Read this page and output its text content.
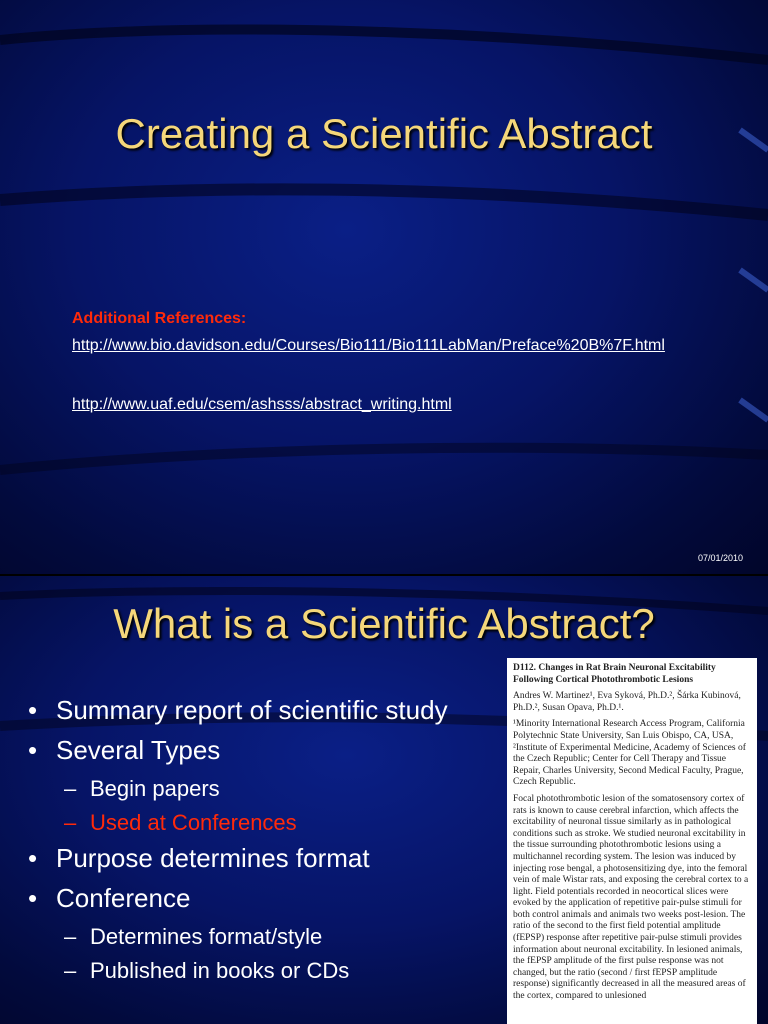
Creating a Scientific Abstract
Additional References:
http://www.bio.davidson.edu/Courses/Bio111/Bio111LabMan/Preface%20B%7F.html
http://www.uaf.edu/csem/ashsss/abstract_writing.html
07/01/2010
What is a Scientific Abstract?
• Summary report of scientific study
• Several Types
– Begin papers
– Used at Conferences
• Purpose determines format
• Conference
– Determines format/style
– Published in books or CDs
D112. Changes in Rat Brain Neuronal Excitability Following Cortical Photothrombotic Lesions
Andres W. Martinez¹, Eva Syková, Ph.D.², Šárka Kubinová, Ph.D.², Susan Opava, Ph.D.¹.
¹Minority International Research Access Program, California Polytechnic State University, San Luis Obispo, CA, USA, ²Institute of Experimental Medicine, Academy of Sciences of the Czech Republic; Center for Cell Therapy and Tissue Repair, Charles University, Second Medical Faculty, Prague, Czech Republic.

Focal photothrombotic lesion of the somatosensory cortex of rats is known to cause cerebral infarction, which affects the excitability of neuronal tissue similarly as in pathological conditions such as stroke. We studied neuronal excitability in the tissue surrounding photothrombotic lesions using a multichannel recording system. The lesion was induced by injecting rose bengal, a photosensitizing dye, into the femoral vein of male Wistar rats, and exposing the cerebral cortex to a light. Field potentials recorded in neocortical slices were evoked by the application of repetitive pair-pulse stimuli for both control animals and animals two weeks post-lesion. The ratio of the second to the first field potential amplitude (fEPSP) response after repetitive pair-pulse stimuli provides information about neuronal excitability. In lesioned animals, the fEPSP amplitude of the first pulse response was not changed, but the ratio (second / first fEPSP amplitude response) significantly decreased in all the measured areas of the cortex, compared to unlesioned
